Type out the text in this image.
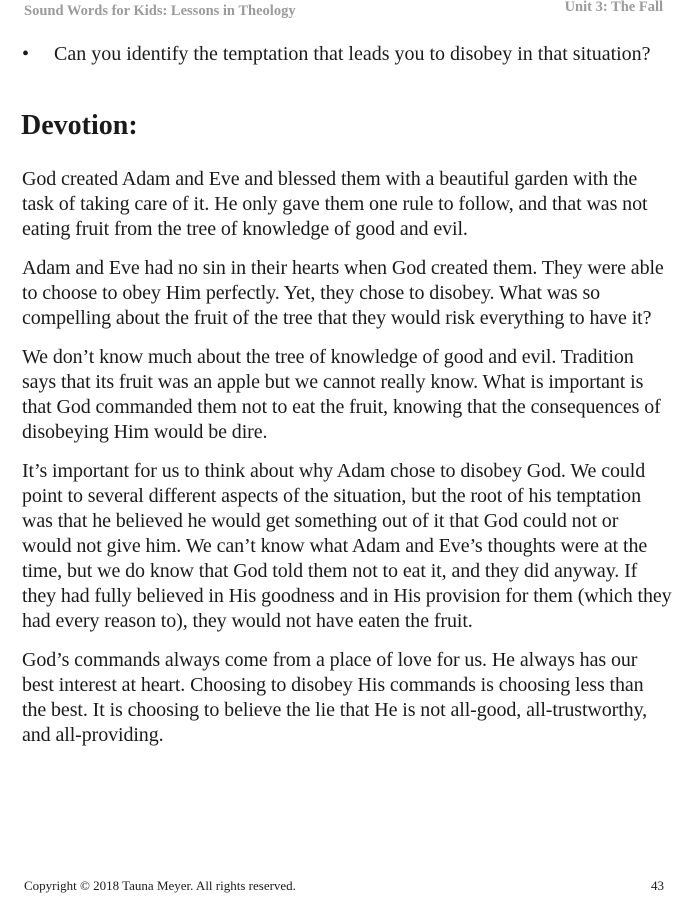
Sound Words for Kids: Lessons in Theology	Unit 3: The Fall
• Can you identify the temptation that leads you to disobey in that situation?
Devotion:

God created Adam and Eve and blessed them with a beautiful garden with the task of taking care of it. He only gave them one rule to follow, and that was not eating fruit from the tree of knowledge of good and evil.

Adam and Eve had no sin in their hearts when God created them. They were able to choose to obey Him perfectly. Yet, they chose to disobey. What was so compelling about the fruit of the tree that they would risk everything to have it?

We don’t know much about the tree of knowledge of good and evil. Tradition says that its fruit was an apple but we cannot really know. What is important is that God commanded them not to eat the fruit, knowing that the consequences of disobeying Him would be dire.

It’s important for us to think about why Adam chose to disobey God. We could point to several different aspects of the situation, but the root of his temptation was that he believed he would get something out of it that God could not or would not give him. We can’t know what Adam and Eve’s thoughts were at the time, but we do know that God told them not to eat it, and they did anyway. If they had fully believed in His goodness and in His provision for them (which they had every reason to), they would not have eaten the fruit.

God’s commands always come from a place of love for us. He always has our best interest at heart. Choosing to disobey His commands is choosing less than the best. It is choosing to believe the lie that He is not all-good, all-trustworthy, and all-providing.

Copyright © 2018 Tauna Meyer. All rights reserved.	43
